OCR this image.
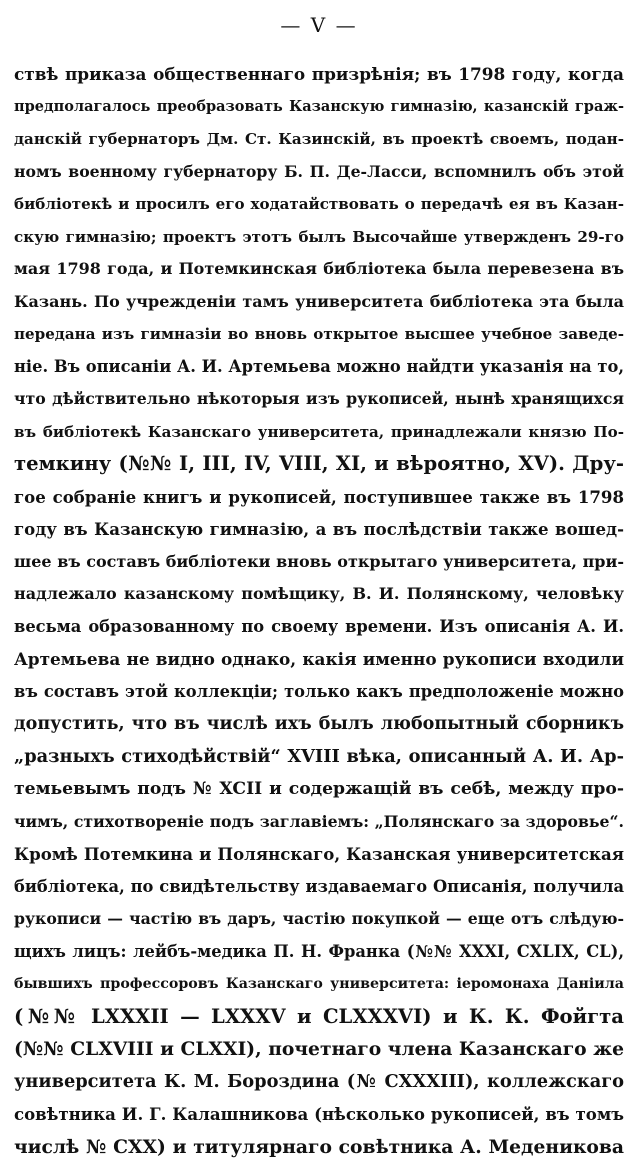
— V —
ствѣ приказа общественнаго призрѣнія; въ 1798 году, когда
предполагалось преобразовать Казанскую гимназію, казанскій граж-
данскій губернаторъ Дм. Ст. Казинскій, въ проектѣ своемъ, подан-
номъ военному губернатору Б. П. Де-Ласси, вспомнилъ объ этой
библіотекѣ и просилъ его ходатайствовать о передачѣ ея въ Казан-
скую гимназію; проектъ этотъ былъ Высочайше утвержденъ 29-го
мая 1798 года, и Потемкинская библіотека была перевезена въ
Казань. По учрежденіи тамъ университета библіотека эта была
передана изъ гимназіи во вновь открытое высшее учебное заведе-
ніе. Въ описаніи А. И. Артемьева можно найдти указанія на то,
что дѣйствительно нѣкоторыя изъ рукописей, нынѣ хранящихся
въ библіотекѣ Казанскаго университета, принадлежали князю По-
темкину (№№ I, III, IV, VIII, XI, и вѣроятно, XV). Дру-
гое собраніе книгъ и рукописей, поступившее также въ 1798
году въ Казанскую гимназію, а въ послѣдствіи также вошед-
шее въ составъ библіотеки вновь открытаго университета, при-
надлежало казанскому помѣщику, В. И. Полянскому, человѣку
весьма образованному по своему времени. Изъ описанія А. И.
Артемьева не видно однако, какія именно рукописи входили
въ составъ этой коллекціи; только какъ предположеніе можно
допустить, что въ числѣ ихъ былъ любопытный сборникъ
„разныхъ стиходѣйствій“ XVIII вѣка, описанный А. И. Ар-
темьевымъ подъ № XCII и содержащій въ себѣ, между про-
чимъ, стихотвореніе подъ заглавіемъ: „Полянскаго за здоровье“.
Кромѣ Потемкина и Полянскаго, Казанская университетская
библіотека, по свидѣтельству издаваемаго Описанія, получила
рукописи — частію въ даръ, частію покупкой — еще отъ слѣдую-
щихъ лицъ: лейбъ-медика П. Н. Франка (№№ XXXI, CXLIX, CL),
бывшихъ профессоровъ Казанскаго университета: іеромонаха Даніила
(№№ LXXXII — LXXXV и CLXXXVI) и К. К. Фойгта
(№№ CLXVIII и CLXXI), почетнаго члена Казанскаго же
университета К. М. Бороздина (№ CXXXIII), коллежскаго
совѣтника И. Г. Калашникова (нѣсколько рукописей, въ томъ
числѣ № CXX) и титулярнаго совѣтника А. Меденикова
